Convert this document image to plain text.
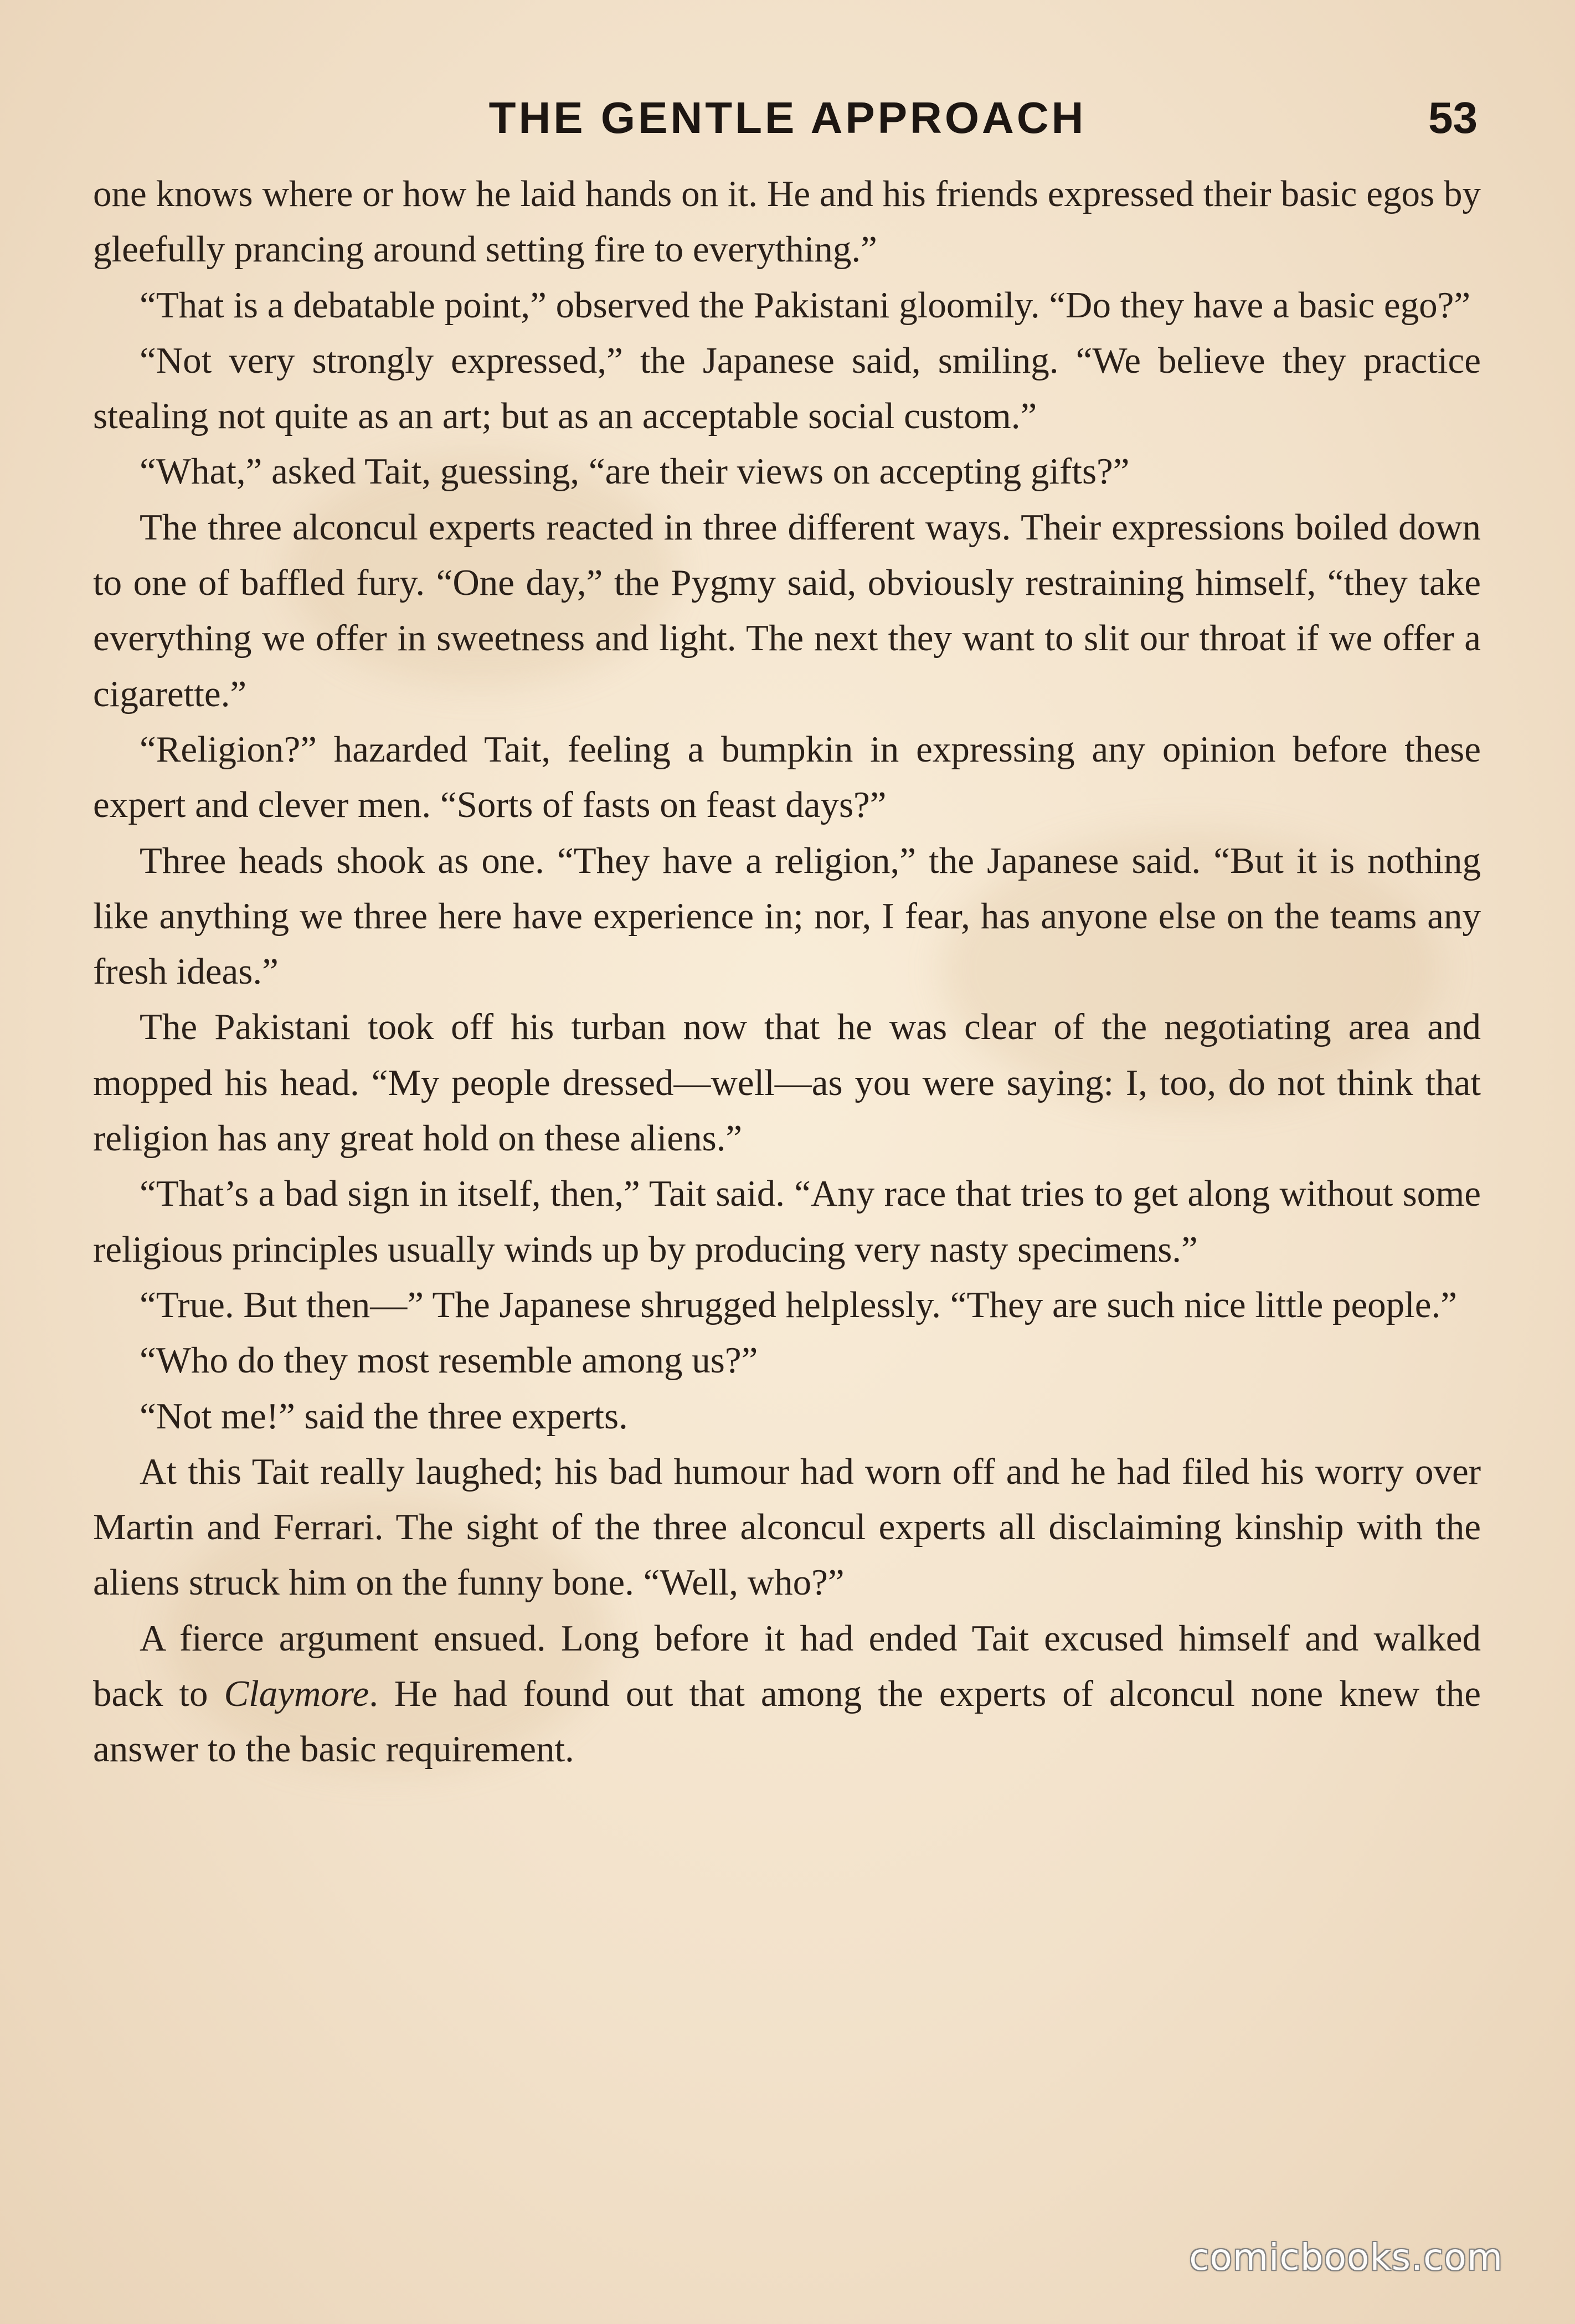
THE GENTLE APPROACH	53

one knows where or how he laid hands on it. He and his friends expressed their basic egos by gleefully prancing around setting fire to everything.”

“That is a debatable point,” observed the Pakistani gloomily. “Do they have a basic ego?”

“Not very strongly expressed,” the Japanese said, smiling. “We believe they practice stealing not quite as an art; but as an acceptable social custom.”

“What,” asked Tait, guessing, “are their views on accepting gifts?”

The three alconcul experts reacted in three different ways. Their expressions boiled down to one of baffled fury. “One day,” the Pygmy said, obviously restraining himself, “they take everything we offer in sweetness and light. The next they want to slit our throat if we offer a cigarette.”

“Religion?” hazarded Tait, feeling a bumpkin in expressing any opinion before these expert and clever men. “Sorts of fasts on feast days?”

Three heads shook as one. “They have a religion,” the Japanese said. “But it is nothing like anything we three here have experience in; nor, I fear, has anyone else on the teams any fresh ideas.”

The Pakistani took off his turban now that he was clear of the negotiating area and mopped his head. “My people dressed—well—as you were saying: I, too, do not think that religion has any great hold on these aliens.”

“That’s a bad sign in itself, then,” Tait said. “Any race that tries to get along without some religious principles usually winds up by producing very nasty specimens.”

“True. But then—” The Japanese shrugged helplessly. “They are such nice little people.”

“Who do they most resemble among us?”

“Not me!” said the three experts.

At this Tait really laughed; his bad humour had worn off and he had filed his worry over Martin and Ferrari. The sight of the three alconcul experts all disclaiming kinship with the aliens struck him on the funny bone. “Well, who?”

A fierce argument ensued. Long before it had ended Tait excused himself and walked back to Claymore. He had found out that among the experts of alconcul none knew the answer to the basic requirement.

comicbooks.com
